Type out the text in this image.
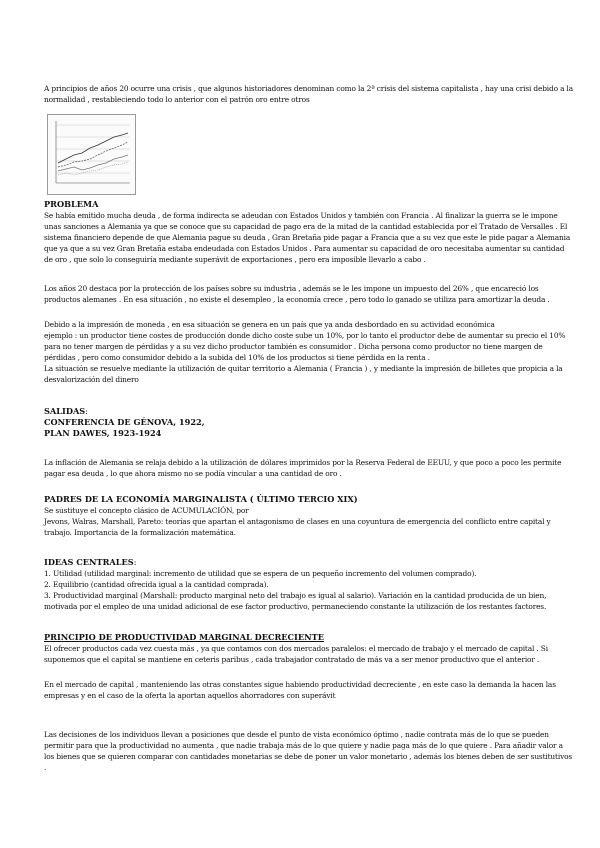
A principios de años 20 ocurre una crisis , que algunos historiadores denominan como la 2ª crisis del sistema capitalista , hay una crisi debido a la normalidad , restableciendo todo lo anterior con el patrón oro entre otros

PROBLEMA

Se había emitido mucha deuda , de forma indirecta se adeudan con Estados Unidos y también con Francia . Al finalizar la guerra se le impone unas sanciones a Alemania ya que se conoce que su capacidad de pago era de la mitad de la cantidad establecida por el Tratado de Versalles . El sistema financiero depende de que Alemania pague su deuda , Gran Bretaña pide pagar a Francia que a su vez que este le pide pagar a Alemania que ya que a su vez Gran Bretaña estaba endeudada con Estados Unidos . Para aumentar su capacidad de oro necesitaba aumentar su cantidad de oro , que solo lo conseguiría mediante superávit de exportaciones , pero era imposible llevarlo a cabo .

Los años 20 destaca por la protección de los países sobre su industria , además se le les impone un impuesto del 26% , que encareció los productos alemanes . En esa situación , no existe el desempleo , la economía crece , pero todo lo ganado se utiliza para amortizar la deuda .

Debido a la impresión de moneda , en esa situación se genera en un país que ya anda desbordado en su actividad económica

ejemplo : un productor tiene costes de producción donde dicho coste sube un 10%, por lo tanto el productor debe de aumentar su precio el 10% para no tener margen de pérdidas y a su vez dicho productor también es consumidor . Dicha persona como productor no tiene margen de pérdidas , pero como consumidor debido a la subida del 10% de los productos si tiene pérdida en la renta .

La situación se resuelve mediante la utilización de quitar territorio a Alemania ( Francia ) , y mediante la impresión de billetes que propicia a la desvalorización del dinero

SALIDAS:

CONFERENCIA DE GÉNOVA, 1922,

PLAN DAWES, 1923-1924

La inflación de Alemania se relaja debido a la utilización de dólares imprimidos por la Reserva Federal de EEUU, y que poco a poco les permite pagar esa deuda , lo que ahora mismo no se podía vincular a una cantidad de oro .

PADRES DE LA ECONOMÍA MARGINALISTA ( ÚLTIMO TERCIO XIX)

Se sustituye el concepto clásico de ACUMULACIÓN, por

Jevons, Walras, Marshall, Pareto: teorías que apartan el antagonismo de clases en una coyuntura de emergencia del conflicto entre capital y trabajo. Importancia de la formalización matemática.

IDEAS CENTRALES:

1. Utilidad (utilidad marginal: incremento de utilidad que se espera de un pequeño incremento del volumen comprado).

2. Equilibrio (cantidad ofrecida igual a la cantidad comprada).

3. Productividad marginal (Marshall: producto marginal neto del trabajo es igual al salario). Variación en la cantidad producida de un bien, motivada por el empleo de una unidad adicional de ese factor productivo, permaneciendo constante la utilización de los restantes factores.

PRINCIPIO DE PRODUCTIVIDAD MARGINAL DECRECIENTE

El ofrecer productos cada vez cuesta más , ya que contamos con dos mercados paralelos: el mercado de trabajo y el mercado de capital . Si suponemos que el capital se mantiene en ceteris paribus , cada trabajador contratado de más va a ser menor productivo que el anterior .

En el mercado de capital , manteniendo las otras constantes sigue habiendo productividad decreciente , en este caso la demanda la hacen las empresas y en el caso de la oferta la aportan aquellos ahorradores con superávit

Las decisiones de los individuos llevan a posiciones que desde el punto de vista económico óptimo , nadie contrata más de lo que se pueden permitir para que la productividad no aumenta , que nadie trabaja más de lo que quiere y nadie paga más de lo que quiere . Para añadir valor a los bienes que se quieren comparar con cantidades monetarias se debe de poner un valor monetario , además los bienes deben de ser sustitutivos .
